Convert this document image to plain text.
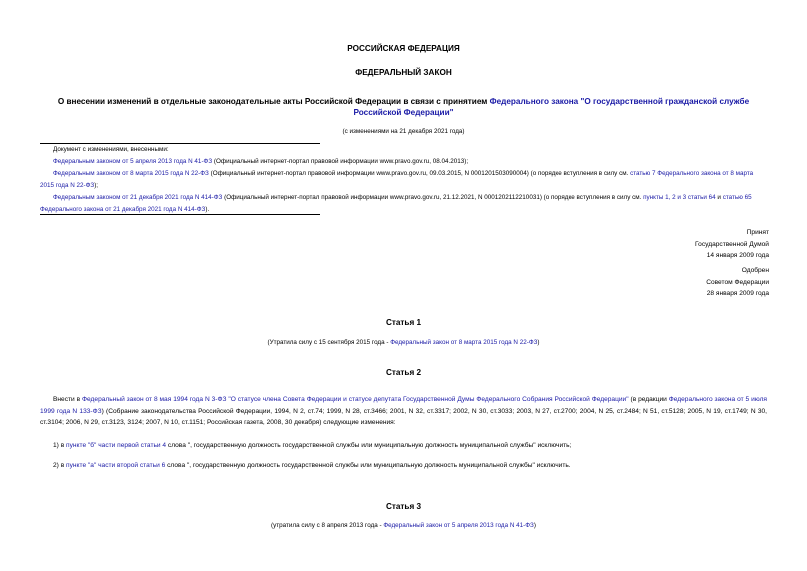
РОССИЙСКАЯ ФЕДЕРАЦИЯ
ФЕДЕРАЛЬНЫЙ ЗАКОН
О внесении изменений в отдельные законодательные акты Российской Федерации в связи с принятием Федерального закона "О государственной гражданской службе Российской Федерации"
(с изменениями на 21 декабря 2021 года)
Документ с изменениями, внесенными:
Федеральным законом от 5 апреля 2013 года N 41-ФЗ (Официальный интернет-портал правовой информации www.pravo.gov.ru, 08.04.2013);
Федеральным законом от 8 марта 2015 года N 22-ФЗ (Официальный интернет-портал правовой информации www.pravo.gov.ru, 09.03.2015, N 0001201503090004) (о порядке вступления в силу см. статью 7 Федерального закона от 8 марта 2015 года N 22-ФЗ);
Федеральным законом от 21 декабря 2021 года N 414-ФЗ (Официальный интернет-портал правовой информации www.pravo.gov.ru, 21.12.2021, N 0001202112210031) (о порядке вступления в силу см. пункты 1, 2 и 3 статьи 64 и статью 65 Федерального закона от 21 декабря 2021 года N 414-ФЗ).
Принят
Государственной Думой
14 января 2009 года
Одобрен
Советом Федерации
28 января 2009 года
Статья 1
(Утратила силу с 15 сентября 2015 года - Федеральный закон от 8 марта 2015 года N 22-ФЗ)
Статья 2
Внести в Федеральный закон от 8 мая 1994 года N 3-ФЗ "О статусе члена Совета Федерации и статусе депутата Государственной Думы Федерального Собрания Российской Федерации" (в редакции Федерального закона от 5 июля 1999 года N 133-ФЗ) (Собрание законодательства Российской Федерации, 1994, N 2, ст.74; 1999, N 28, ст.3466; 2001, N 32, ст.3317; 2002, N 30, ст.3033; 2003, N 27, ст.2700; 2004, N 25, ст.2484; N 51, ст.5128; 2005, N 19, ст.1749; N 30, ст.3104; 2006, N 29, ст.3123, 3124; 2007, N 10, ст.1151; Российская газета, 2008, 30 декабря) следующие изменения:
1) в пункте "б" части первой статьи 4 слова ", государственную должность государственной службы или муниципальную должность муниципальной службы" исключить;
2) в пункте "а" части второй статьи 6 слова ", государственную должность государственной службы или муниципальную должность муниципальной службы" исключить.
Статья 3
(утратила силу с 8 апреля 2013 года - Федеральный закон от 5 апреля 2013 года N 41-ФЗ)
